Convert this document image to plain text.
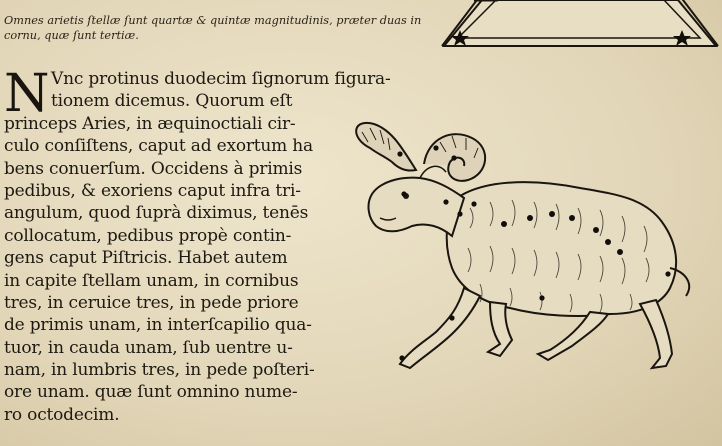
Omnes arietis ſtellæ ſunt quartæ & quintæ magnitudinis, præter duas in
cornu, quæ ſunt tertiæ.
N Vnc protinus duodecim ſignorum figura-
tionem dicemus. Quorum eſt
princeps Aries, in æquinoctiali cir-
culo conſiſtens, caput ad exortum ha
bens conuerſum. Occidens à primis
pedibus, & exoriens caput infra tri-
angulum, quod ſuprà diximus, tenēs
collocatum, pedibus propè contin-
gens caput Piſtricis. Habet autem
in capite ſtellam unam, in cornibus
tres, in ceruice tres, in pede priore
de primis unam, in interſcapilio qua-
tuor, in cauda unam, ſub uentre u-
nam, in lumbris tres, in pede poſteri-
ore unam. quæ ſunt omnino nume-
ro octodecim.
